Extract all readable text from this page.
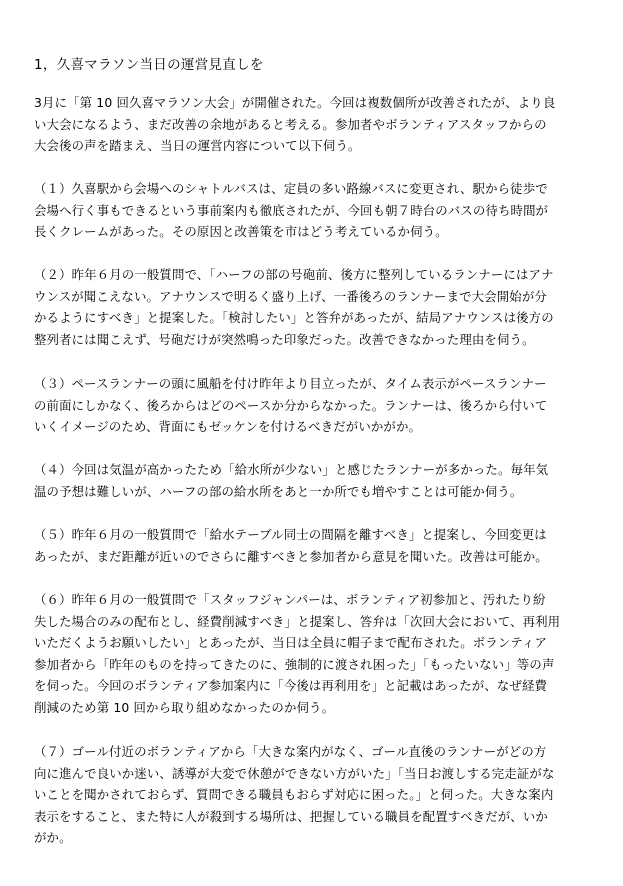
1，久喜マラソン当日の運営見直しを
3月に「第 10 回久喜マラソン大会」が開催された。今回は複数個所が改善されたが、より良
い大会になるよう、まだ改善の余地があると考える。参加者やボランティアスタッフからの
大会後の声を踏まえ、当日の運営内容について以下伺う。
（１）久喜駅から会場へのシャトルバスは、定員の多い路線バスに変更され、駅から徒歩で
会場へ行く事もできるという事前案内も徹底されたが、今回も朝７時台のバスの待ち時間が
長くクレームがあった。その原因と改善策を市はどう考えているか伺う。
（２）昨年６月の一般質問で、「ハーフの部の号砲前、後方に整列しているランナーにはアナ
ウンスが聞こえない。アナウンスで明るく盛り上げ、一番後ろのランナーまで大会開始が分
かるようにすべき」と提案した。「検討したい」と答弁があったが、結局アナウンスは後方の
整列者には聞こえず、号砲だけが突然鳴った印象だった。改善できなかった理由を伺う。
（３）ペースランナーの頭に風船を付け昨年より目立ったが、タイム表示がペースランナー
の前面にしかなく、後ろからはどのペースか分からなかった。ランナーは、後ろから付いて
いくイメージのため、背面にもゼッケンを付けるべきだがいかがか。
（４）今回は気温が高かったため「給水所が少ない」と感じたランナーが多かった。毎年気
温の予想は難しいが、ハーフの部の給水所をあと一か所でも増やすことは可能か伺う。
（５）昨年６月の一般質問で「給水テーブル同士の間隔を離すべき」と提案し、今回変更は
あったが、まだ距離が近いのでさらに離すべきと参加者から意見を聞いた。改善は可能か。
（６）昨年６月の一般質問で「スタッフジャンパーは、ボランティア初参加と、汚れたり紛
失した場合のみの配布とし、経費削減すべき」と提案し、答弁は「次回大会において、再利用
いただくようお願いしたい」とあったが、当日は全員に帽子まで配布された。ボランティア
参加者から「昨年のものを持ってきたのに、強制的に渡され困った」「もったいない」等の声
を伺った。今回のボランティア参加案内に「今後は再利用を」と記載はあったが、なぜ経費
削減のため第 10 回から取り組めなかったのか伺う。
（７）ゴール付近のボランティアから「大きな案内がなく、ゴール直後のランナーがどの方
向に進んで良いか迷い、誘導が大変で休憩ができない方がいた」「当日お渡しする完走証がな
いことを聞かされておらず、質問できる職員もおらず対応に困った。」と伺った。大きな案内
表示をすること、また特に人が殺到する場所は、把握している職員を配置すべきだが、いか
がか。
